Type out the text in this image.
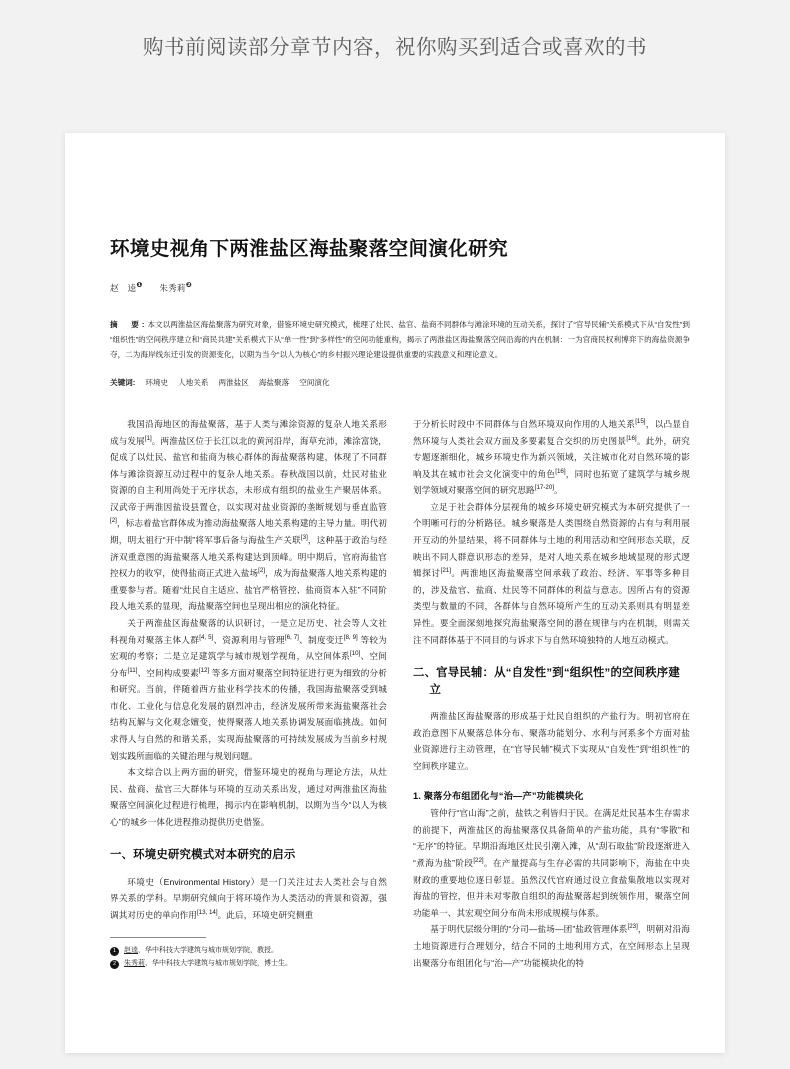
购书前阅读部分章节内容，祝你购买到适合或喜欢的书
环境史视角下两淮盐区海盐聚落空间演化研究
赵　逵$^❶$ 朱秀莉$^❷$
摘　要:本文以两淮盐区海盐聚落为研究对象，借鉴环境史研究模式，梳理了灶民、盐官、盐商不同群体与滩涂环境的互动关系，探讨了“官导民辅”关系模式下从“自发性”到“组织性”的空间秩序建立和“商民共建”关系模式下从“单一性”到“多样性”的空间功能重构，揭示了两淮盐区海盐聚落空间沿海的内在机制：一为官商民权利博弈下的海盐资源争夺，二为海岸线东迁引发的资源变化，以期为当今“以人为核心”的乡村振兴理论建设提供重要的实践意义和理论意义。
关键词: 环境史 人地关系 两淮盐区 海盐聚落 空间演化

我国沿海地区的海盐聚落，基于人类与滩涂资源的复杂人地关系形成与发展[1]。两淮盐区位于长江以北的黄河沿岸，海草充沛，滩涂富饶，促成了以灶民、盐官和盐商为核心群体的海盐聚落构建，体现了不同群体与滩涂资源互动过程中的复杂人地关系。春秋战国以前，灶民对盐业资源的自主利用尚处于无序状态，未形成有组织的盐业生产聚居体系。汉武帝于两淮因盐设县置仓，以实现对盐业资源的垄断规划与垂直监管[2]，标志着盐官群体成为推动海盐聚落人地关系构建的主导力量。明代初期，明太祖行“开中制”将军事后备与海盐生产关联[3]，这种基于政治与经济双重意图的海盐聚落人地关系构建达到顶峰。明中期后，官府海盐官控权力的收窄，使得盐商正式进入盐场[2]，成为海盐聚落人地关系构建的重要参与者。随着“灶民自主适应、盐官严格管控、盐商资本入驻”不同阶段人地关系的显现，海盐聚落空间也呈现出相应的演化特征。

关于两淮盐区海盐聚落的认识研讨，一是立足历史、社会等人文社科视角对聚落主体人群[4, 5]、资源利用与管理[6, 7]、制度变迁[8, 9] 等较为宏观的考察；二是立足建筑学与城市规划学视角，从空间体系[10]、空间分布[11]、空间构成要素[12] 等多方面对聚落空间特征进行更为细致的分析和研究。当前，伴随着西方盐业科学技术的传播，我国海盐聚落受到城市化、工业化与信息化发展的剧烈冲击，经济发展所带来海盐聚落社会结构瓦解与文化观念嬗变，使得聚落人地关系协调发展面临挑战。如何求得人与自然的和谐关系，实现海盐聚落的可持续发展成为当前乡村规划实践所面临的关键治理与规划问题。

本文综合以上两方面的研究，借鉴环境史的视角与理论方法，从灶民、盐商、盐官三大群体与环境的互动关系出发，通过对两淮盐区海盐聚落空间演化过程进行梳理，揭示内在影响机制，以期为当今“以人为核心”的城乡一体化进程推动提供历史借鉴。

一、环境史研究模式对本研究的启示

环境史（Environmental History）是一门关注过去人类社会与自然界关系的学科。早期研究倾向于将环境作为人类活动的背景和资源，强调其对历史的单向作用[13, 14]。此后，环境史研究侧重

1	赵逵，华中科技大学建筑与城市规划学院，教授。
2	朱秀莉，华中科技大学建筑与城市规划学院，博士生。

于分析长时段中不同群体与自然环境双向作用的人地关系[15]，以凸显自然环境与人类社会双方面及多要素复合交织的历史图景[16]。此外，研究专题逐渐细化，城乡环境史作为新兴领域，关注城市化对自然环境的影响及其在城市社会文化演变中的角色[16]，同时也拓宽了建筑学与城乡规划学领域对聚落空间的研究思路[17-20]。

立足于社会群体分层视角的城乡环境史研究模式为本研究提供了一个明晰可行的分析路径。城乡聚落是人类围绕自然资源的占有与利用展开互动的外显结果，将不同群体与土地的利用活动和空间形态关联，反映出不同人群意识形态的差异，是对人地关系在城乡地域显现的形式逻辑探讨[21]。两淮地区海盐聚落空间承载了政治、经济、军事等多种目的，涉及盐官、盐商、灶民等不同群体的利益与意志。因所占有的资源类型与数量的不同，各群体与自然环境所产生的互动关系则具有明显差异性。要全面深刻地探究海盐聚落空间的潜在规律与内在机制，则需关注不同群体基于不同目的与诉求下与自然环境独特的人地互动模式。

二、官导民辅：从“自发性”到“组织性”的空间秩序建立

两淮盐区海盐聚落的形成基于灶民自组织的产盐行为。明初官府在政治意图下从聚落总体分布、聚落功能划分、水利与河系多个方面对盐业资源进行主动管理，在“官导民辅”模式下实现从“自发性”到“组织性”的空间秩序建立。

1. 聚落分布组团化与“治—产”功能模块化

管仲行“官山海”之前，盐铁之利皆归于民。在满足灶民基本生存需求的前提下，两淮盐区的海盐聚落仅具备简单的产盐功能，具有“零散”和“无序”的特征。早期沿海地区灶民引潮入滩，从“刮石取盐”阶段逐渐进入“煮海为盐”阶段[22]。在产量提高与生存必需的共同影响下，海盐在中央财政的重要地位逐日彰显。虽然汉代官府通过设立食盐集散地以实现对海盐的管控，但并未对零散自组织的海盐聚落起到统领作用，聚落空间功能单一、其宏观空间分布尚未形成规模与体系。

基于明代层级分明的“分司—盐场—团”盐政管理体系[23]，明朝对沿海土地资源进行合理划分，结合不同的土地利用方式，在空间形态上呈现出聚落分布组团化与“治—产”功能模块化的特
